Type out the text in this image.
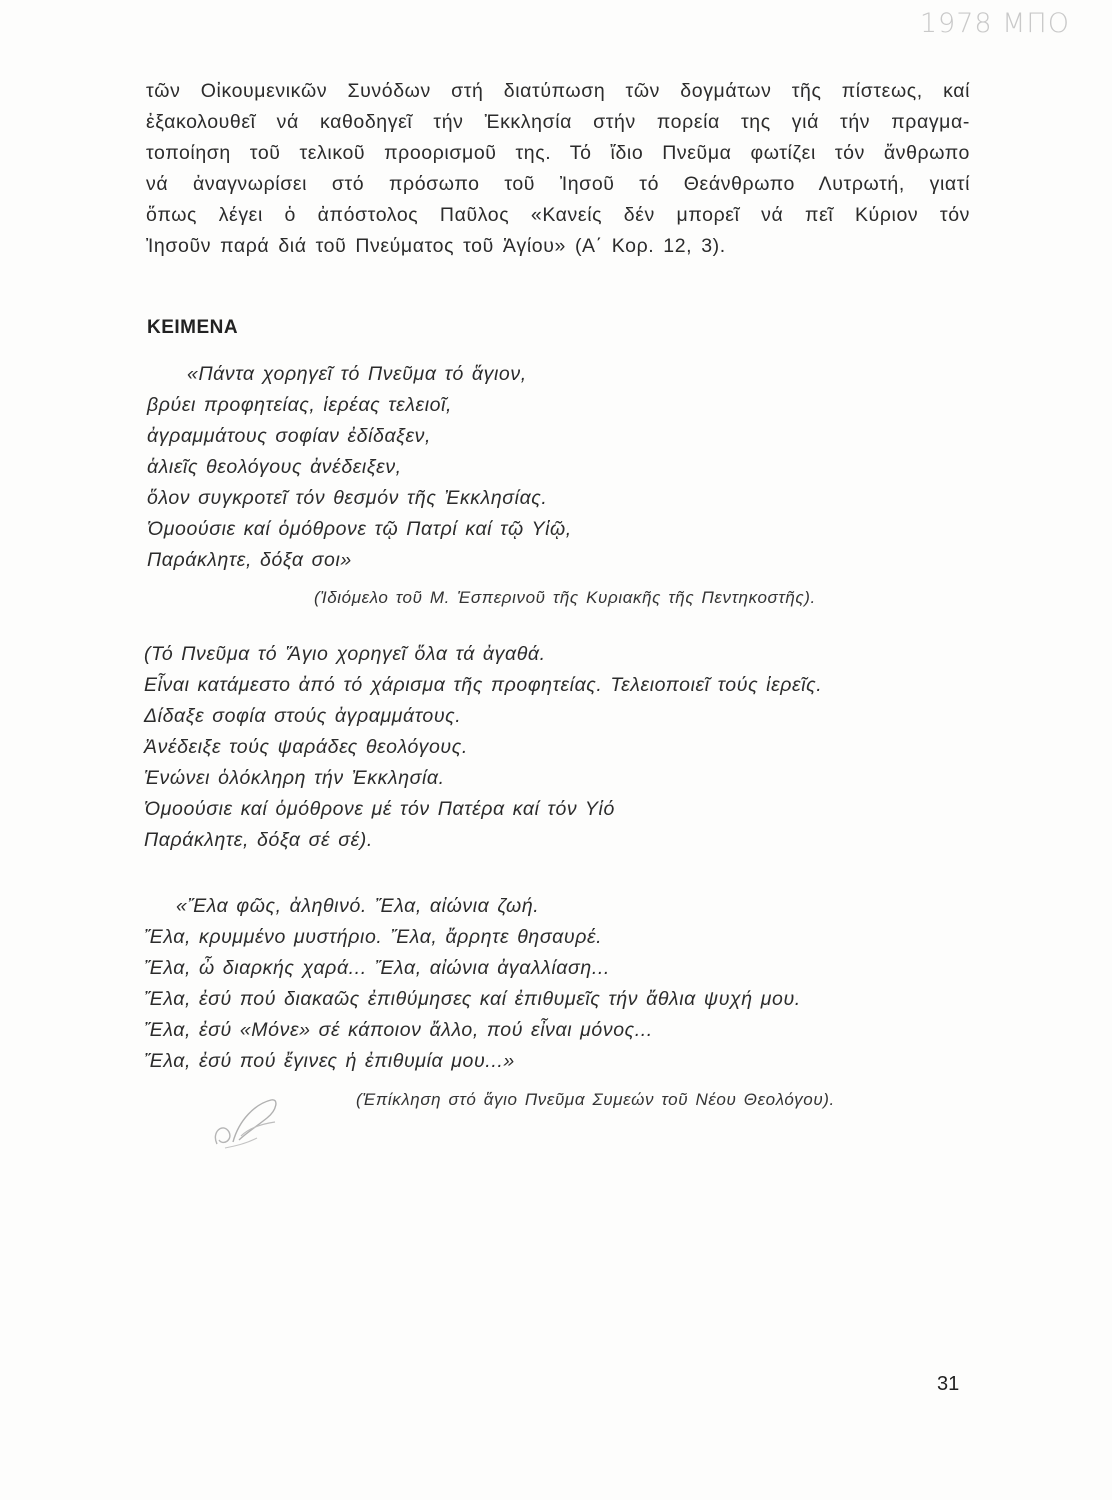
1978 ΜΠΟ
τῶν Οἰκουμενικῶν Συνόδων στή διατύπωση τῶν δογμάτων τῆς πίστεως, καί
ἐξακολουθεῖ νά καθοδηγεῖ τήν Ἐκκλησία στήν πορεία της γιά τήν πραγμα-
τοποίηση τοῦ τελικοῦ προορισμοῦ της. Τό ἴδιο Πνεῦμα φωτίζει τόν ἄνθρωπο
νά ἀναγνωρίσει στό πρόσωπο τοῦ Ἰησοῦ τό Θεάνθρωπο Λυτρωτή, γιατί
ὅπως λέγει ὁ ἀπόστολος Παῦλος «Κανείς δέν μπορεῖ νά πεῖ Κύριον τόν
Ἰησοῦν παρά διά τοῦ Πνεύματος τοῦ Ἁγίου» (Α΄ Κορ. 12, 3).
ΚΕΙΜΕΝΑ
«Πάντα χορηγεῖ τό Πνεῦμα τό ἅγιον,
βρύει προφητείας, ἱερέας τελειοῖ,
ἀγραμμάτους σοφίαν ἐδίδαξεν,
ἁλιεῖς θεολόγους ἀνέδειξεν,
ὅλον συγκροτεῖ τόν θεσμόν τῆς Ἐκκλησίας.
Ὁμοούσιε καί ὁμόθρονε τῷ Πατρί καί τῷ Υἱῷ,
Παράκλητε, δόξα σοι»
(Ἰδιόμελο τοῦ Μ. Ἑσπερινοῦ τῆς Κυριακῆς τῆς Πεντηκοστῆς).
(Τό Πνεῦμα τό Ἅγιο χορηγεῖ ὅλα τά ἀγαθά.
Εἶναι κατάμεστο ἀπό τό χάρισμα τῆς προφητείας. Τελειοποιεῖ τούς ἱερεῖς.
Δίδαξε σοφία στούς ἀγραμμάτους.
Ἀνέδειξε τούς ψαράδες θεολόγους.
Ἑνώνει ὁλόκληρη τήν Ἐκκλησία.
Ὁμοούσιε καί ὁμόθρονε μέ τόν Πατέρα καί τόν Υἱό
Παράκλητε, δόξα σέ σέ).
«Ἔλα φῶς, ἀληθινό. Ἔλα, αἰώνια ζωή.
Ἔλα, κρυμμένο μυστήριο. Ἔλα, ἄρρητε θησαυρέ.
Ἔλα, ὦ διαρκής χαρά... Ἔλα, αἰώνια ἀγαλλίαση...
Ἔλα, ἐσύ πού διακαῶς ἐπιθύμησες καί ἐπιθυμεῖς τήν ἄθλια ψυχή μου.
Ἔλα, ἐσύ «Μόνε» σέ κάποιον ἄλλο, πού εἶναι μόνος...
Ἔλα, ἐσύ πού ἔγινες ἡ ἐπιθυμία μου...»
(Ἐπίκληση στό ἅγιο Πνεῦμα Συμεών τοῦ Νέου Θεολόγου).
31
